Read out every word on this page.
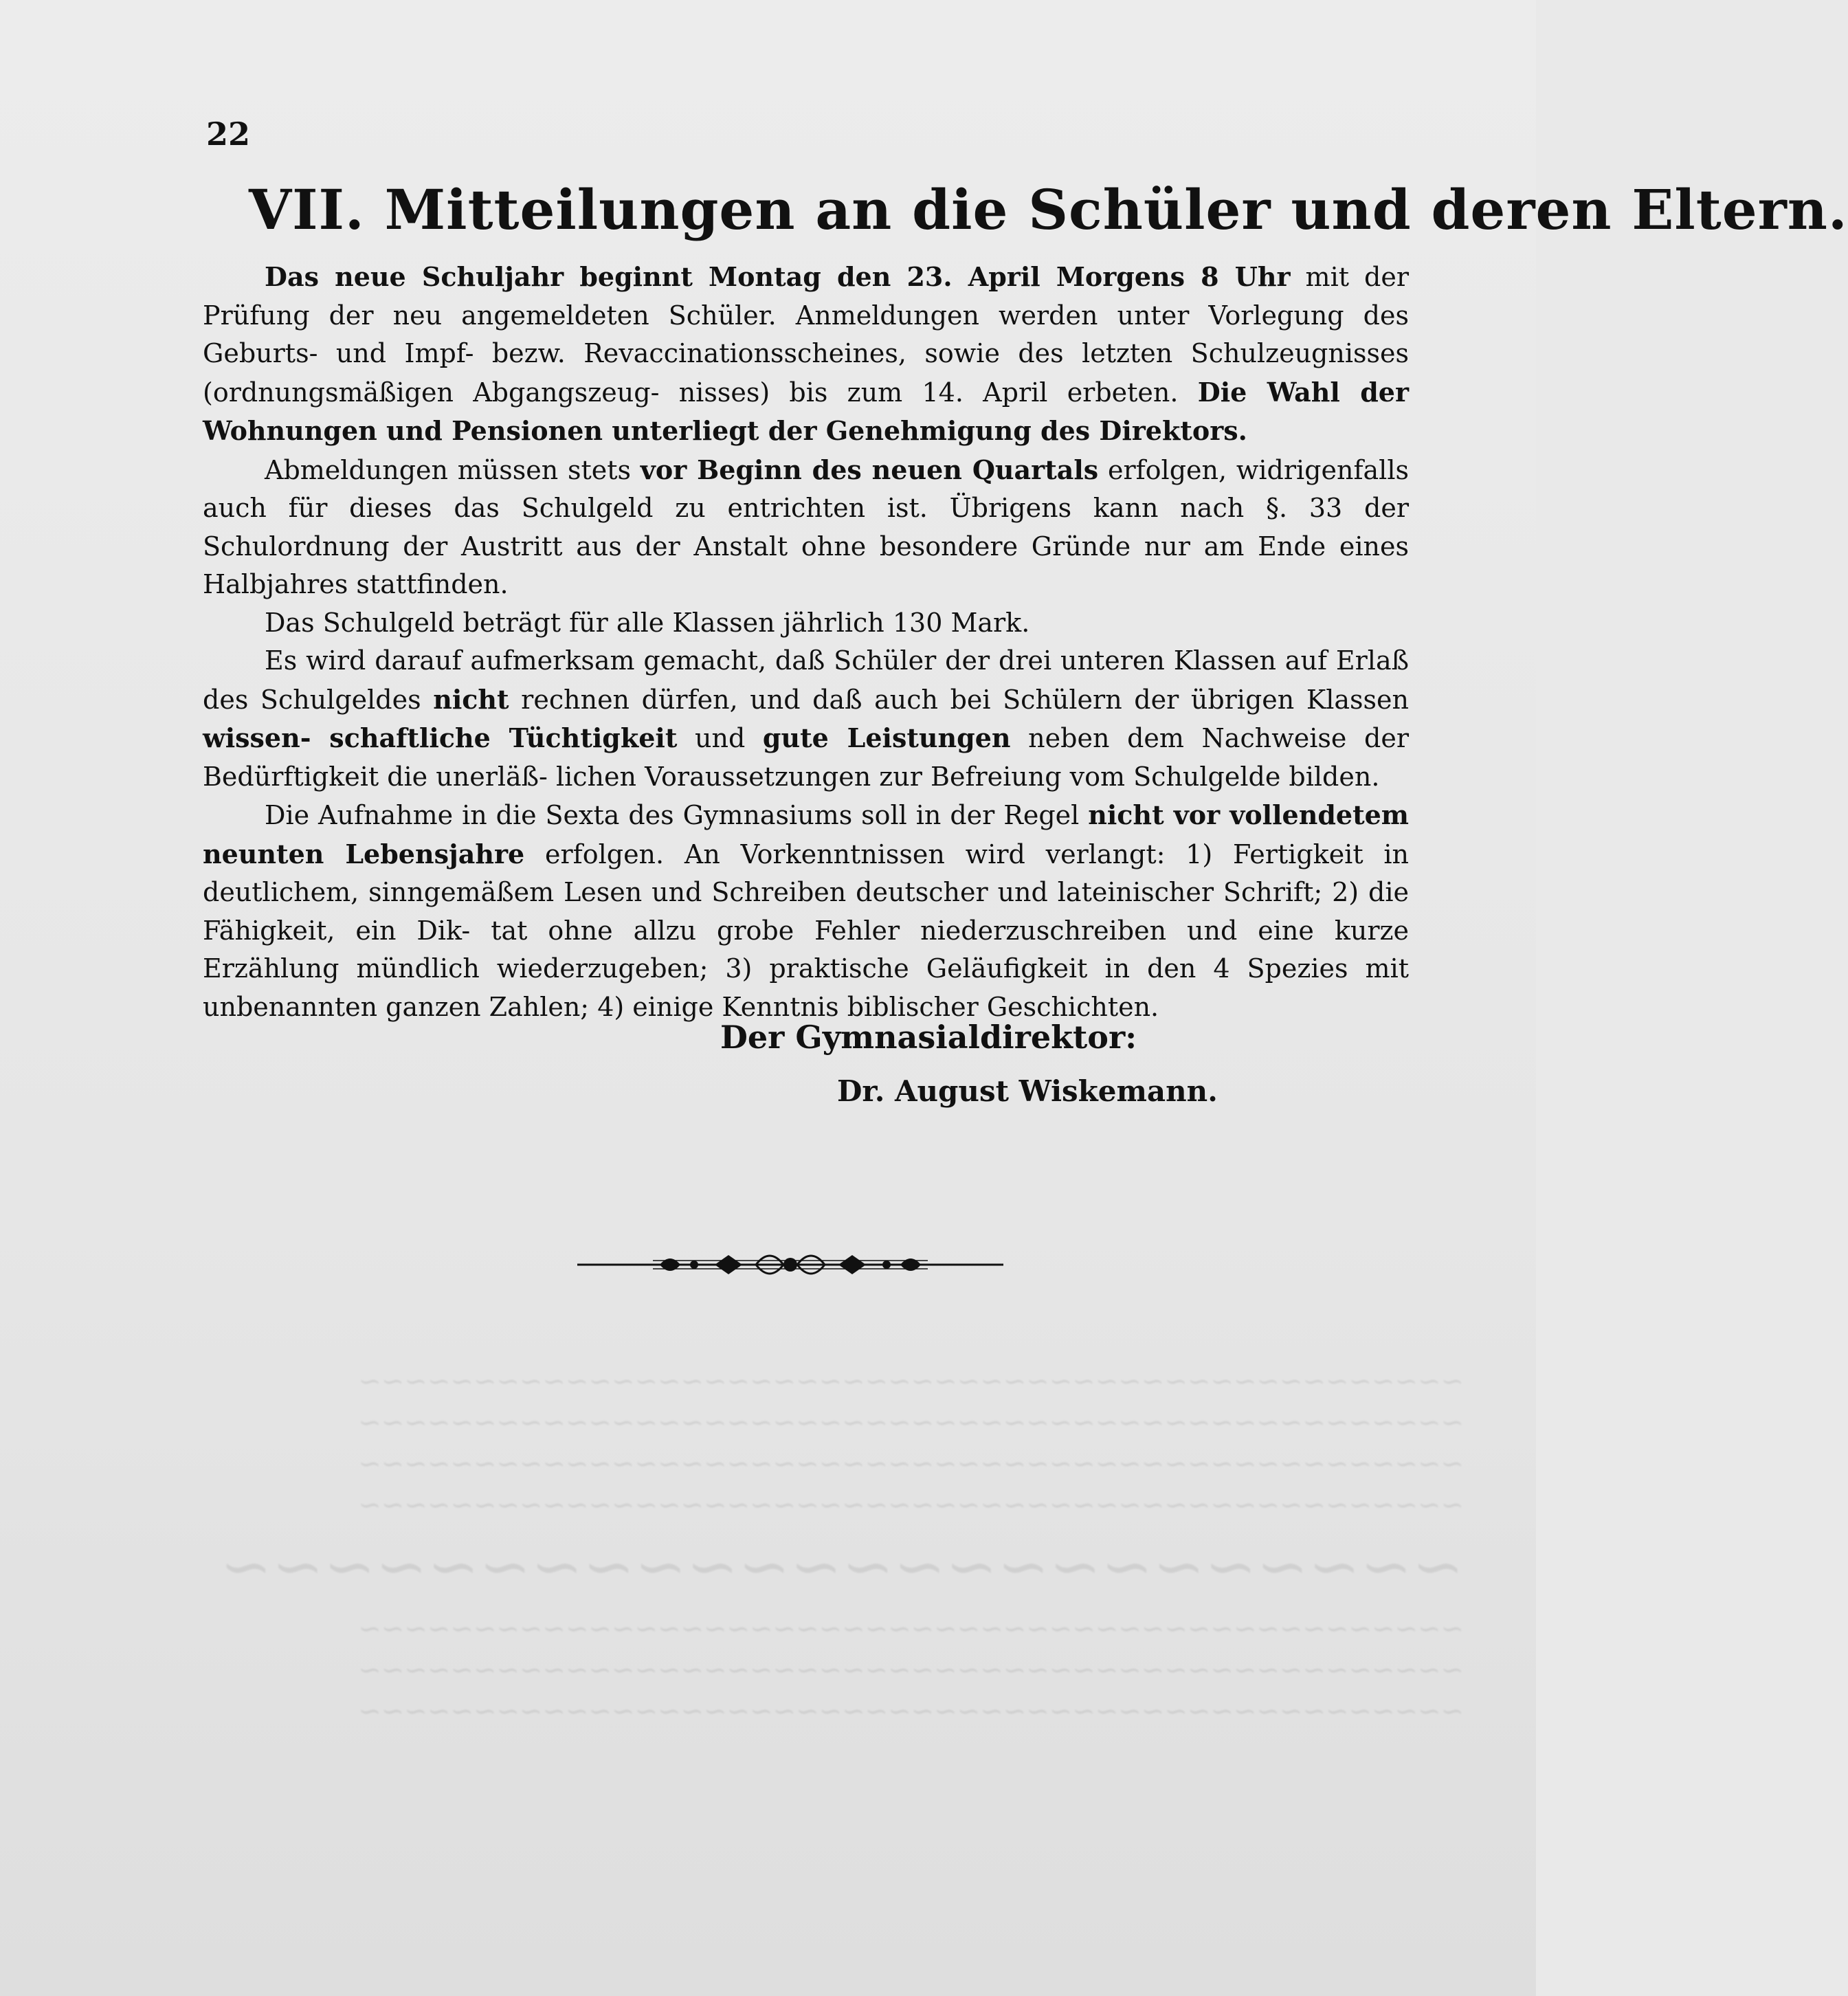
~~~~~~~~~~~~~~~~~~~~~~~~~~~~~~~~~~~~~~~~~~~~~~~~
~~~~~~~~~~~~~~~~~~~~~~~~~~~~~~~~~~~~~~~~~~~~~~~~
~~~~~~~~~~~~~~~~~~~~~~~~~~~~~~~~~~~~~~~~~~~~~~~~
~~~~~~~~~~~~~~~~~~~~~~~~~~~~~~~~~~~~~~~~~~~~~~~~
~~~~~~~~~~~~~~~~~~~~~~~~
~~~~~~~~~~~~~~~~~~~~~~~~~~~~~~~~~~~~~~~~~~~~~~~~
~~~~~~~~~~~~~~~~~~~~~~~~~~~~~~~~~~~~~~~~~~~~~~~~
~~~~~~~~~~~~~~~~~~~~~~~~~~~~~~~~~~~~~~~~~~~~~~~~
22
VII. Mitteilungen an die Schüler und deren Eltern.

Das neue Schuljahr beginnt Montag den 23. April Morgens 8 Uhr mit der Prüfung der neu angemeldeten Schüler. Anmeldungen werden unter Vorlegung des Geburts- und Impf- bezw. Revaccinationsscheines, sowie des letzten Schulzeugnisses (ordnungsmäßigen Abgangszeug- nisses) bis zum 14. April erbeten. Die Wahl der Wohnungen und Pensionen unterliegt der Genehmigung des Direktors.

Abmeldungen müssen stets vor Beginn des neuen Quartals erfolgen, widrigenfalls auch für dieses das Schulgeld zu entrichten ist. Übrigens kann nach §. 33 der Schulordnung der Austritt aus der Anstalt ohne besondere Gründe nur am Ende eines Halbjahres stattfinden.

Das Schulgeld beträgt für alle Klassen jährlich 130 Mark.

Es wird darauf aufmerksam gemacht, daß Schüler der drei unteren Klassen auf Erlaß des Schulgeldes nicht rechnen dürfen, und daß auch bei Schülern der übrigen Klassen wissen- schaftliche Tüchtigkeit und gute Leistungen neben dem Nachweise der Bedürftigkeit die unerläß- lichen Voraussetzungen zur Befreiung vom Schulgelde bilden.

Die Aufnahme in die Sexta des Gymnasiums soll in der Regel nicht vor vollendetem neunten Lebensjahre erfolgen. An Vorkenntnissen wird verlangt: 1) Fertigkeit in deutlichem, sinngemäßem Lesen und Schreiben deutscher und lateinischer Schrift; 2) die Fähigkeit, ein Dik- tat ohne allzu grobe Fehler niederzuschreiben und eine kurze Erzählung mündlich wiederzugeben; 3) praktische Geläufigkeit in den 4 Spezies mit unbenannten ganzen Zahlen; 4) einige Kenntnis biblischer Geschichten.

Der Gymnasialdirektor:
Dr. August Wiskemann.
